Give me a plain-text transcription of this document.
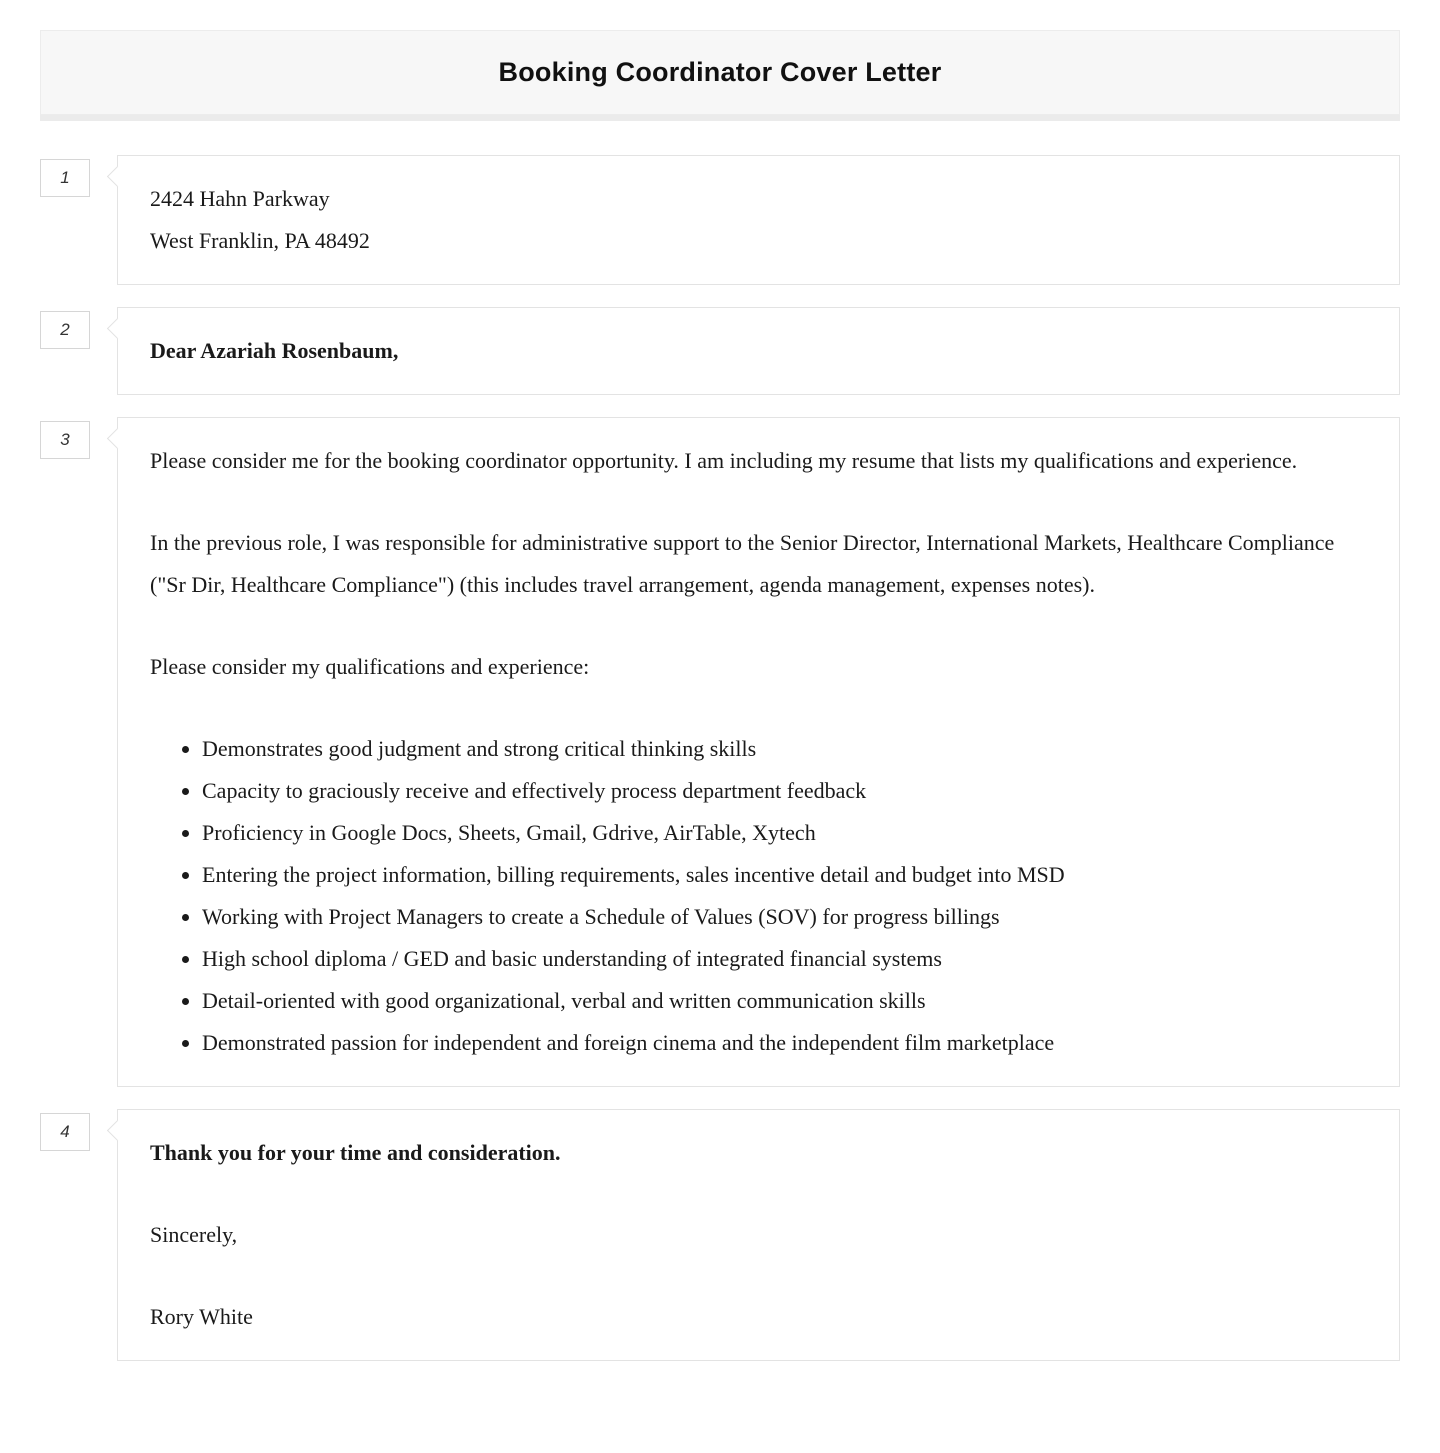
Booking Coordinator Cover Letter
1
2424 Hahn Parkway
West Franklin, PA 48492
2
Dear Azariah Rosenbaum,
3

Please consider me for the booking coordinator opportunity. I am including my resume that lists my qualifications and experience.

In the previous role, I was responsible for administrative support to the Senior Director, International Markets, Healthcare Compliance ("Sr Dir, Healthcare Compliance") (this includes travel arrangement, agenda management, expenses notes).

Please consider my qualifications and experience:

• Demonstrates good judgment and strong critical thinking skills
• Capacity to graciously receive and effectively process department feedback
• Proficiency in Google Docs, Sheets, Gmail, Gdrive, AirTable, Xytech
• Entering the project information, billing requirements, sales incentive detail and budget into MSD
• Working with Project Managers to create a Schedule of Values (SOV) for progress billings
• High school diploma / GED and basic understanding of integrated financial systems
• Detail-oriented with good organizational, verbal and written communication skills
• Demonstrated passion for independent and foreign cinema and the independent film marketplace
4

Thank you for your time and consideration.

Sincerely,

Rory White
